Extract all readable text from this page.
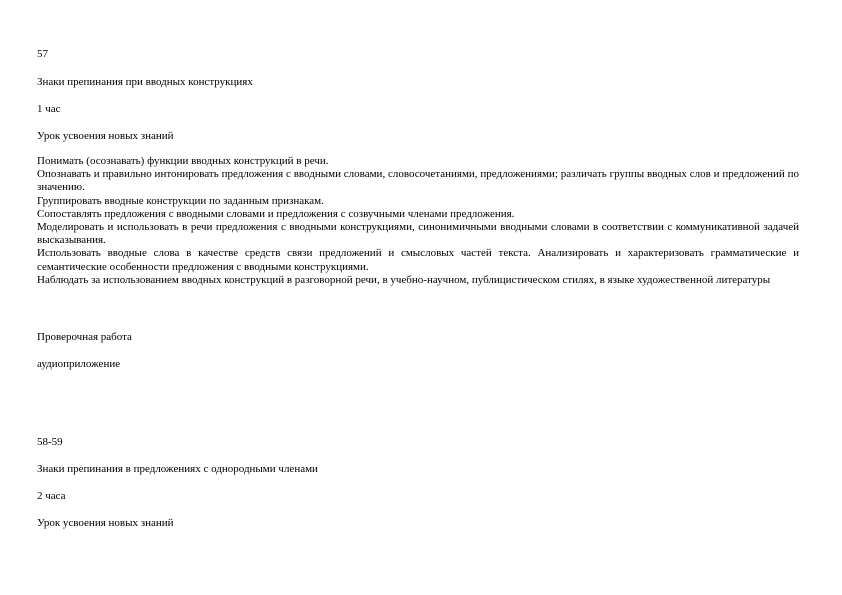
57
Знаки препинания при вводных конструкциях
1 час
Урок усвоения новых знаний

Понимать (осознавать) функции вводных конструкций в речи.

Опознавать и правильно интонировать предложения с вводными словами, словосочетаниями, предложениями; различать группы вводных слов и предложений по значению.

Группировать вводные конструкции по заданным признакам.

Сопоставлять предложения с вводными словами и предложения с созвучными членами предложения.

Моделировать и использовать в речи предложения с вводными конструкциями, синонимичными вводными словами в соответствии с коммуникативной задачей высказывания.

Использовать вводные слова в качестве средств связи предложений и смысловых частей текста. Анализировать и характеризовать грамматические и семантические особенности предложения с вводными конструкциями.

Наблюдать за использованием вводных конструкций в разговорной речи, в учебно-научном, публицистическом стилях, в языке художественной литературы

Проверочная работа
аудиоприложение
58-59
Знаки препинания в предложениях с однородными членами
2 часа
Урок усвоения новых знаний
